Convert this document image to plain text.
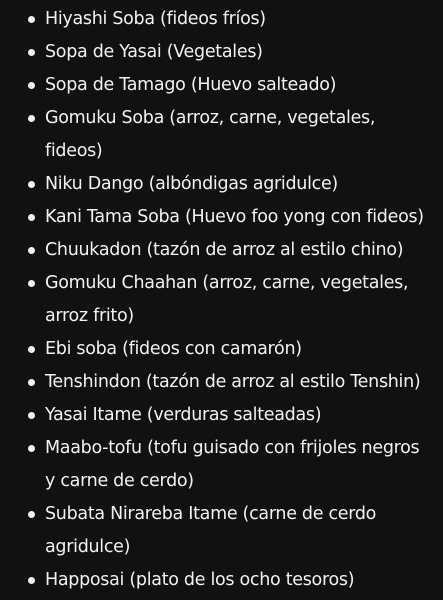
Hiyashi Soba (fideos fríos)
Sopa de Yasai (Vegetales)
Sopa de Tamago (Huevo salteado)
Gomuku Soba (arroz, carne, vegetales, fideos)
Niku Dango (albóndigas agridulce)
Kani Tama Soba (Huevo foo yong con fideos)
Chuukadon (tazón de arroz al estilo chino)
Gomuku Chaahan (arroz, carne, vegetales, arroz frito)
Ebi soba (fideos con camarón)
Tenshindon (tazón de arroz al estilo Tenshin)
Yasai Itame (verduras salteadas)
Maabo-tofu (tofu guisado con frijoles negros y carne de cerdo)
Subata Nirareba Itame (carne de cerdo agridulce)
Happosai (plato de los ocho tesoros)
